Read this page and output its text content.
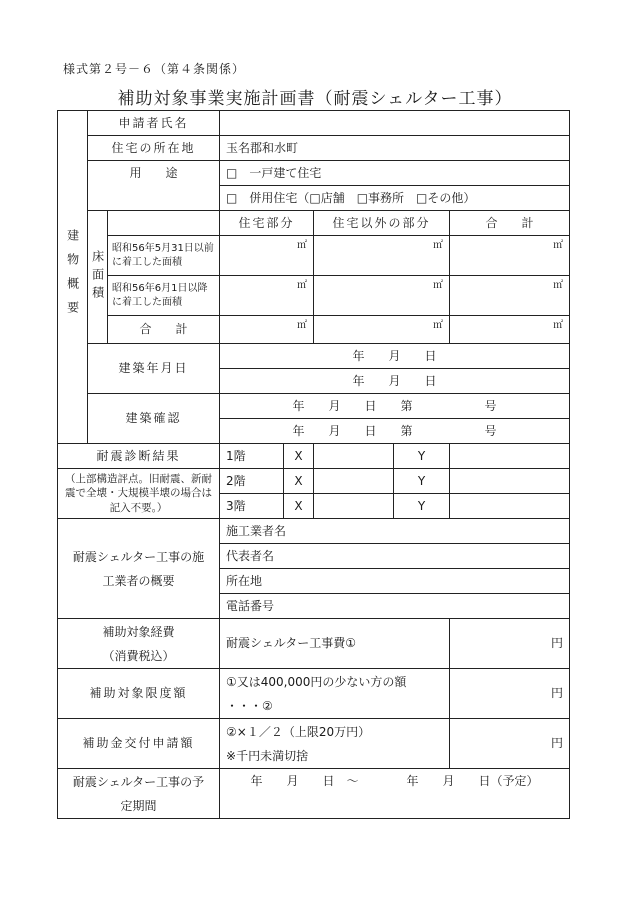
様式第２号－６（第４条関係）
補助対象事業実施計画書（耐震シェルター工事）
建物概要	申請者氏名						
	住宅の所在地		玉名郡和水町				
	用　　途		□　一戸建て住宅				
			□　併用住宅（□店舗　□事務所　□その他）				

	床面積		住宅部分		住宅以外の部分		合　　計
		昭和56年5月31日以前に着工した面積	㎡		㎡		㎡
		昭和56年6月1日以降に着工した面積	㎡		㎡		㎡
		合　　計	㎡		㎡		㎡
	建築年月日		年　　月　　日				
			年　　月　　日				
	建築確認		年　　月　　日　　第　　　　　　号				
			年　　月　　日　　第　　　　　　号				
耐震診断結果			1階	X		Y	
（上部構造評点。旧耐震、新耐震で全壊・大規模半壊の場合は記入不要。）			2階	X		Y	
			3階	X		Y	
耐震シェルター工事の施工業者の概要			施工業者名				
			代表者名				
			所在地				
			電話番号				
補助対象経費（消費税込）			耐震シェルター工事費①				円
補助対象限度額			①又は400,000円の少ない方の額
・・・②				円
補助金交付申請額			②×１／２（上限20万円）
※千円未満切捨				円
耐震シェルター工事の予定期間			年　　月　　日　～　　　　年　　月　　日（予定）				
